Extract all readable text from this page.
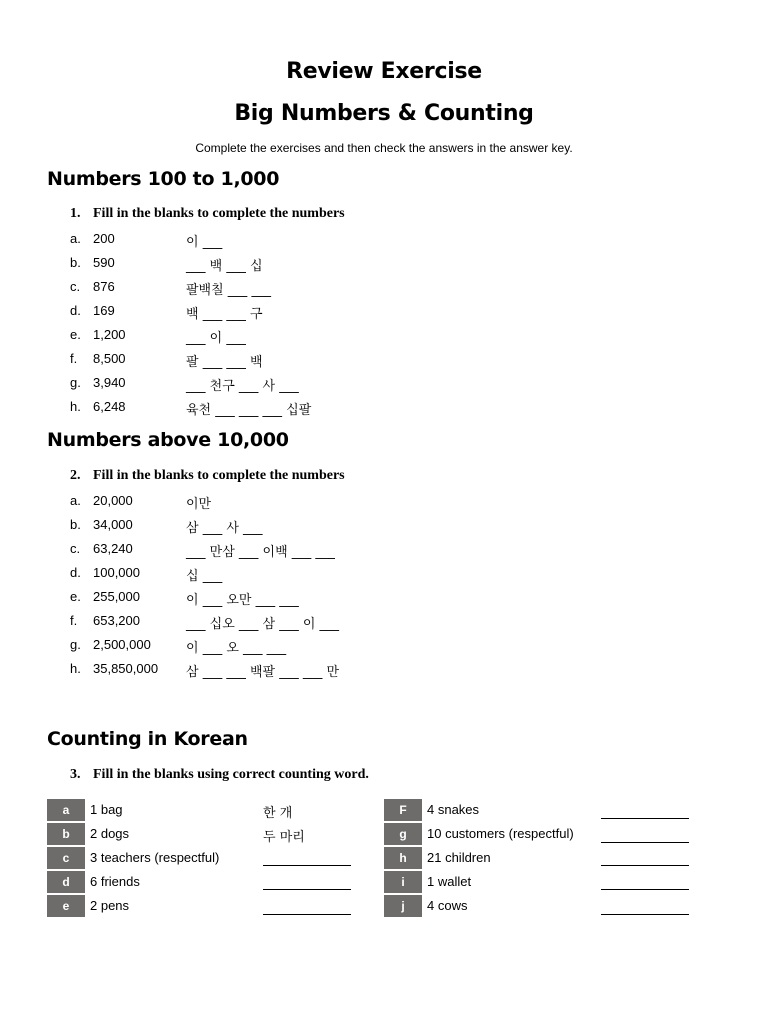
Review Exercise
Big Numbers & Counting
Complete the exercises and then check the answers in the answer key.
Numbers 100 to 1,000
1. Fill in the blanks to complete the numbers
a. 200	이 ___
b. 590	___ 백 ___ 십
c. 876	팔백칠 ___ ___
d. 169	백 ___ ___ 구
e. 1,200	___ 이 ___
f. 8,500	팔 ___ ___ 백
g. 3,940	___ 천구 ___ 사 ___
h. 6,248	육천 ___ ___ ___ 십팔
Numbers above 10,000
2. Fill in the blanks to complete the numbers
a. 20,000	이만
b. 34,000	삼 ___ 사 ___
c. 63,240	___ 만삼 ___ 이백 ___ ___
d. 100,000	십 ___
e. 255,000	이 ___ 오만 ___ ___
f. 653,200	___ 십오 ___ 삼 ___ 이 ___
g. 2,500,000	이 ___ 오 ___ ___
h. 35,850,000 삼 ___ ___ 백팔 ___ ___ 만
Counting in Korean
3. Fill in the blanks using correct counting word.
a	1 bag	한 개
b	2 dogs	두 마리
c	3 teachers (respectful)
d	6 friends
e	2 pens
F	4 snakes
g	10 customers (respectful)
h	21 children
i	1 wallet
j	4 cows
